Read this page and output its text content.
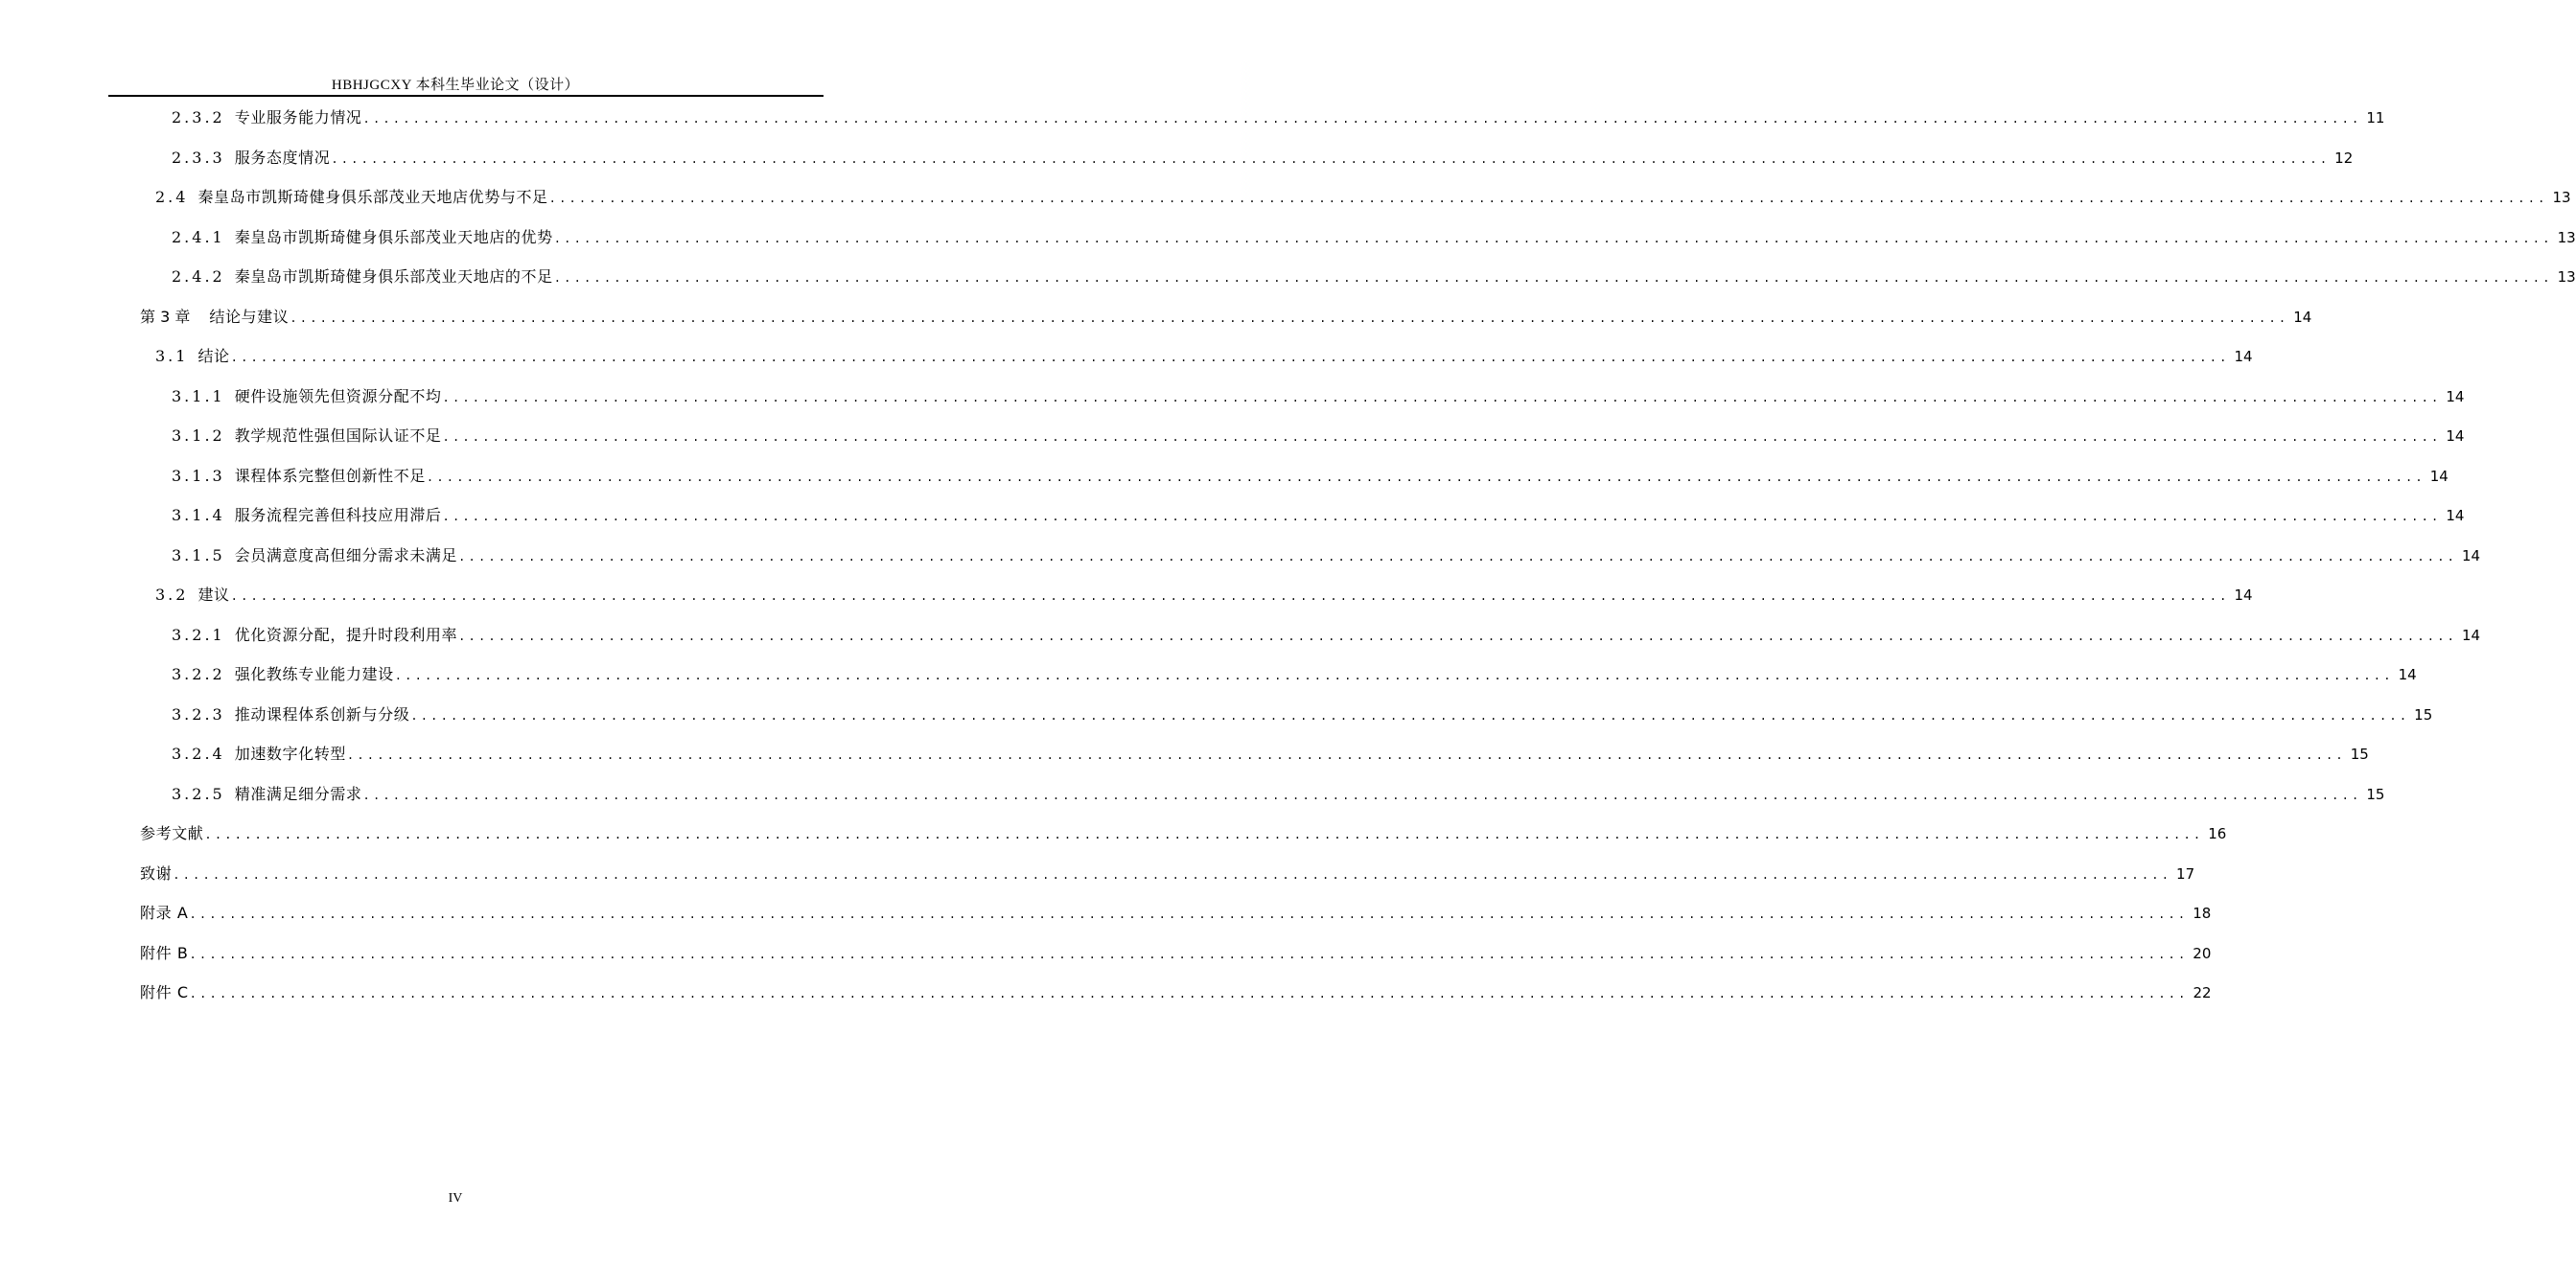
HBHJGCXY 本科生毕业论文（设计）
2.3.2 专业服务能力情况 ........................................................................................................................................................................................................ 11
2.3.3 服务态度情况 ........................................................................................................................................................................................................ 12
2.4 秦皇岛市凯斯琦健身俱乐部茂业天地店优势与不足 ........................................................................................................................................................................................................ 13
2.4.1 秦皇岛市凯斯琦健身俱乐部茂业天地店的优势 ........................................................................................................................................................................................................ 13
2.4.2 秦皇岛市凯斯琦健身俱乐部茂业天地店的不足 ........................................................................................................................................................................................................ 13
第 3 章 结论与建议 ........................................................................................................................................................................................................ 14
3.1 结论 ........................................................................................................................................................................................................ 14
3.1.1 硬件设施领先但资源分配不均 ........................................................................................................................................................................................................ 14
3.1.2 教学规范性强但国际认证不足 ........................................................................................................................................................................................................ 14
3.1.3 课程体系完整但创新性不足 ........................................................................................................................................................................................................ 14
3.1.4 服务流程完善但科技应用滞后 ........................................................................................................................................................................................................ 14
3.1.5 会员满意度高但细分需求未满足 ........................................................................................................................................................................................................ 14
3.2 建议 ........................................................................................................................................................................................................ 14
3.2.1 优化资源分配，提升时段利用率 ........................................................................................................................................................................................................ 14
3.2.2 强化教练专业能力建设 ........................................................................................................................................................................................................ 14
3.2.3 推动课程体系创新与分级 ........................................................................................................................................................................................................ 15
3.2.4 加速数字化转型 ........................................................................................................................................................................................................ 15
3.2.5 精准满足细分需求 ........................................................................................................................................................................................................ 15
参考文献 ........................................................................................................................................................................................................ 16
致谢 ........................................................................................................................................................................................................ 17
附录 A ........................................................................................................................................................................................................ 18
附件 B ........................................................................................................................................................................................................ 20
附件 C ........................................................................................................................................................................................................ 22
IV
